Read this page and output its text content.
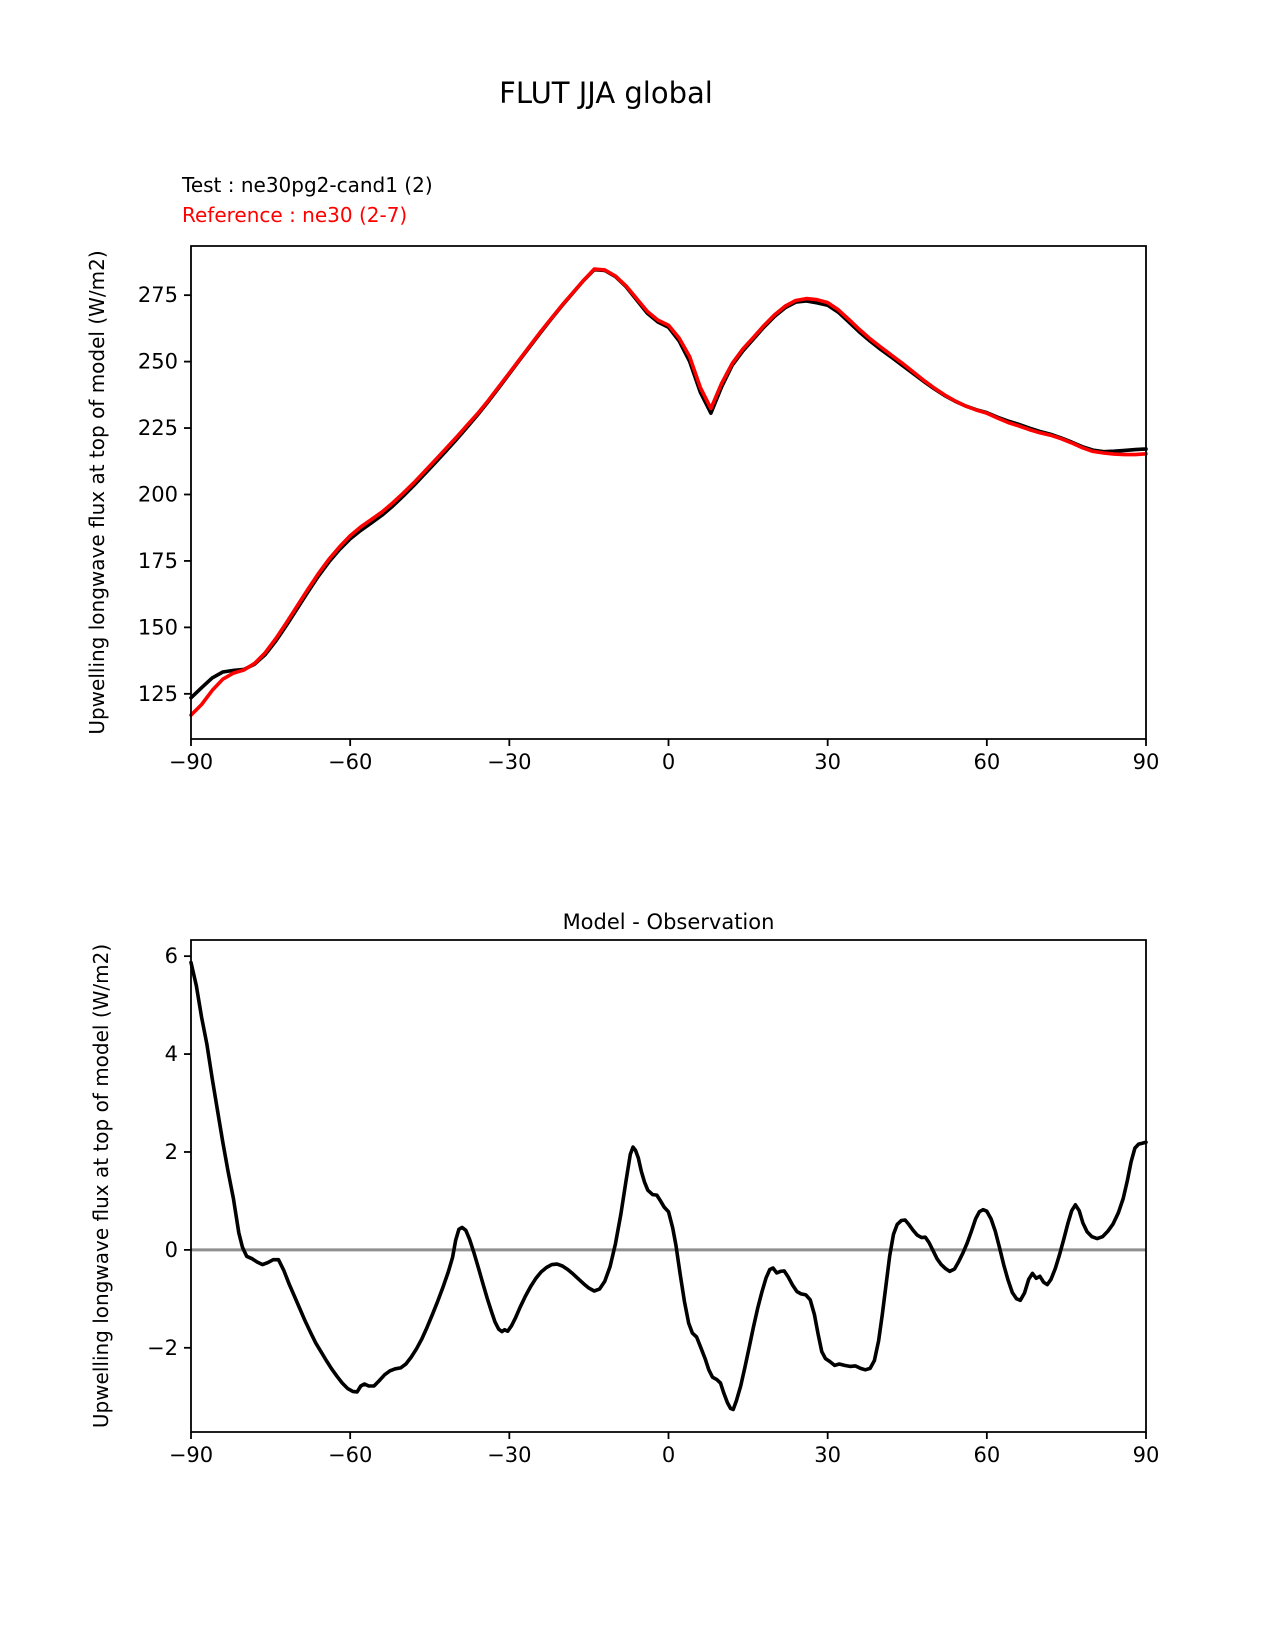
FLUT JJA global
Test : ne30pg2-cand1 (2)
Reference : ne30 (2-7)
−90	−60	−30	0	30	60	90
125
150
175
200
225
250
275
Upwelling longwave flux at top of model (W/m2)
−90	−60	−30	0	30	60	90
−2
0
2
4
6
Upwelling longwave flux at top of model (W/m2)
Model - Observation
